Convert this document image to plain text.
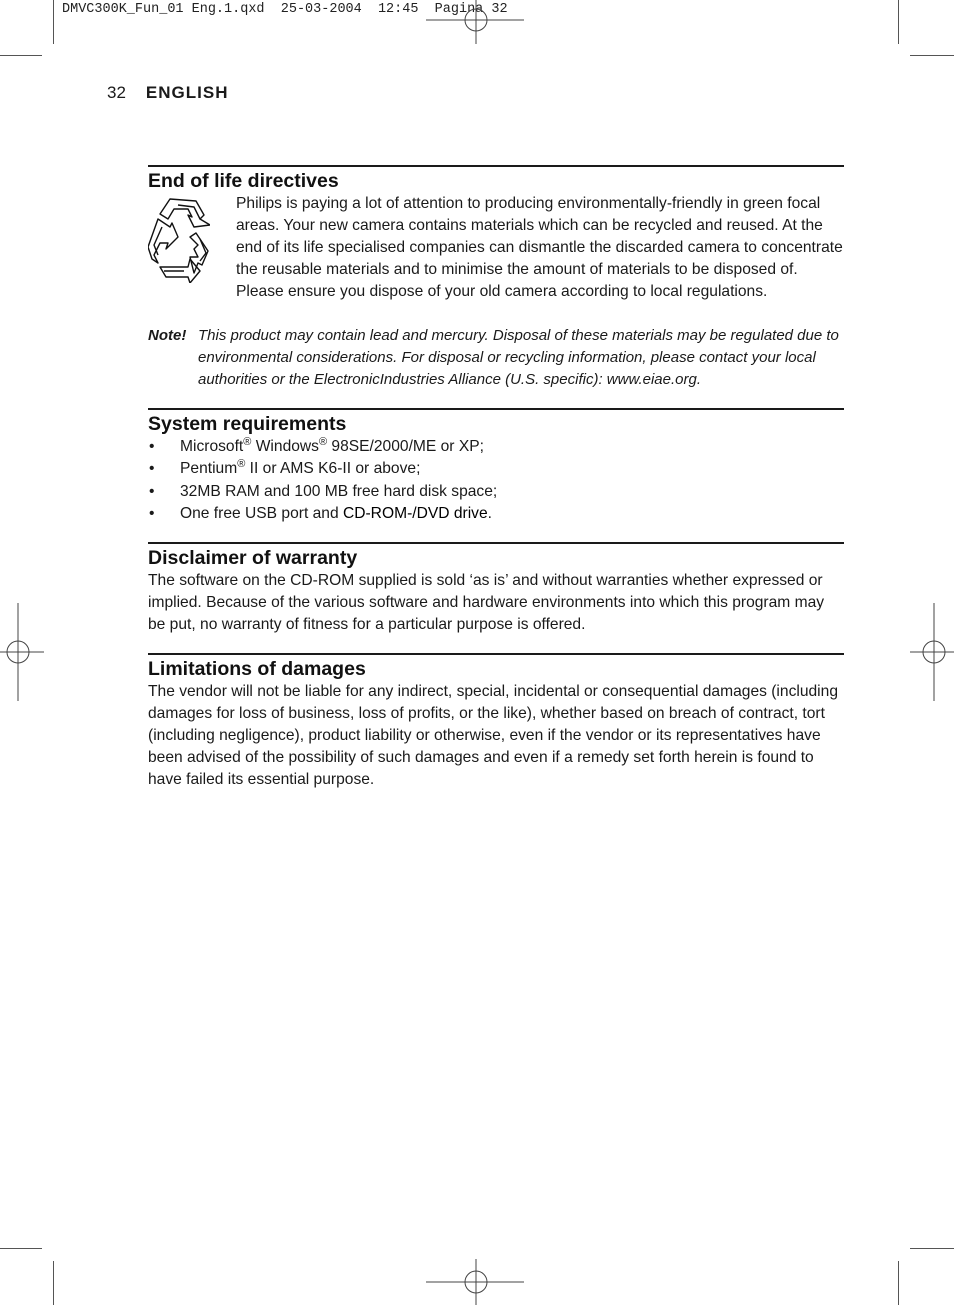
DMVC300K_Fun_01 Eng.1.qxd  25-03-2004  12:45  Pagina 32
32 ENGLISH
End of life directives

Philips is paying a lot of attention to producing environmentally-friendly in green focal areas. Your new camera contains materials which can be recycled and reused. At the end of its life specialised companies can dismantle the discarded camera to concentrate the reusable materials and to minimise the amount of materials to be disposed of.

Please ensure you dispose of your old camera according to local regulations.

Note! This product may contain lead and mercury. Disposal of these materials may be regulated due to environmental considerations. For disposal or recycling information, please contact your local authorities or the ElectronicIndustries Alliance (U.S. specific): www.eiae.org.
System requirements
• Microsoft® Windows® 98SE/2000/ME or XP;
• Pentium® II or AMS K6-II or above;
• 32MB RAM and 100 MB free hard disk space;
• One free USB port and CD-ROM-/DVD drive.
Disclaimer of warranty

The software on the CD-ROM supplied is sold ‘as is’ and without warranties whether expressed or implied. Because of the various software and hardware environments into which this program may be put, no warranty of fitness for a particular purpose is offered.

Limitations of damages

The vendor will not be liable for any indirect, special, incidental or consequential damages (including damages for loss of business, loss of profits, or the like), whether based on breach of contract, tort (including negligence), product liability or otherwise, even if the vendor or its representatives have been advised of the possibility of such damages and even if a remedy set forth herein is found to have failed its essential purpose.
